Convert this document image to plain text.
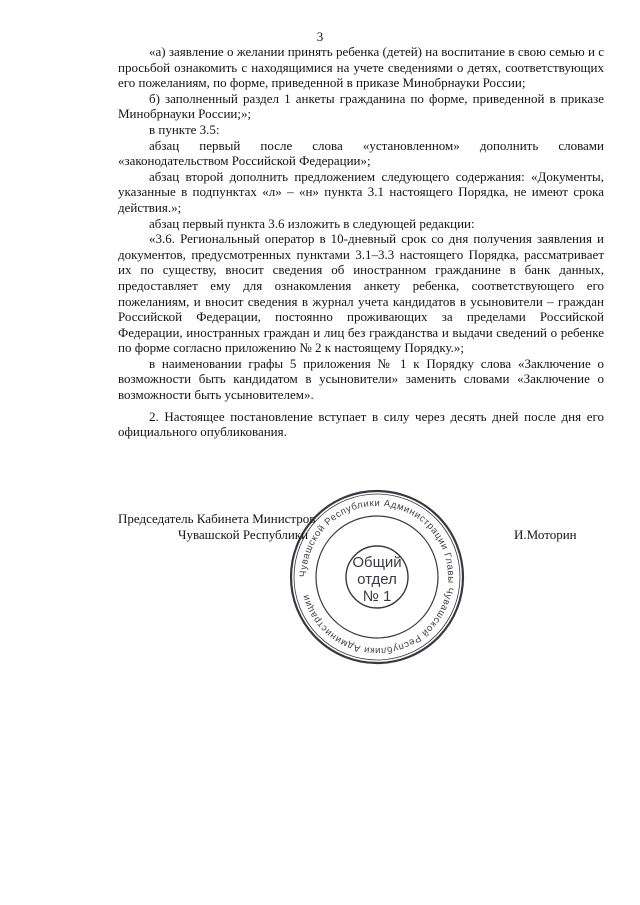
3

«а) заявление о желании принять ребенка (детей) на воспитание в свою семью и с просьбой ознакомить с находящимися на учете сведениями о детях, соответствующих его пожеланиям, по форме, приведенной в приказе Минобрнауки России;

б) заполненный раздел 1 анкеты гражданина по форме, приведенной в приказе Минобрнауки России;»;

в пункте 3.5:

абзац первый после слова «установленном» дополнить словами «законодательством Российской Федерации»;

абзац второй дополнить предложением следующего содержания: «Документы, указанные в подпунктах «л» – «н» пункта 3.1 настоящего Порядка, не имеют срока действия.»;

абзац первый пункта 3.6 изложить в следующей редакции:

«3.6. Региональный оператор в 10-дневный срок со дня получения заявления и документов, предусмотренных пунктами 3.1–3.3 настоящего Порядка, рассматривает их по существу, вносит сведения об иностранном гражданине в банк данных, предоставляет ему для ознакомления анкету ребенка, соответствующего его пожеланиям, и вносит сведения в журнал учета кандидатов в усыновители – граждан Российской Федерации, постоянно проживающих за пределами Российской Федерации, иностранных граждан и лиц без гражданства и выдачи сведений о ребенке по форме согласно приложению № 2 к настоящему Порядку.»;

в наименовании графы 5 приложения № 1 к Порядку слова «Заключение о возможности быть кандидатом в усыновители» заменить словами «Заключение о возможности быть усыновителем».

2. Настоящее постановление вступает в силу через десять дней после дня его официального опубликования.

Председатель Кабинета Министров
Чувашской Республики	И.Моторин
Чувашской Республики Администрации Главы Чувашской Республики Администрации
Общий
отдел
№ 1
